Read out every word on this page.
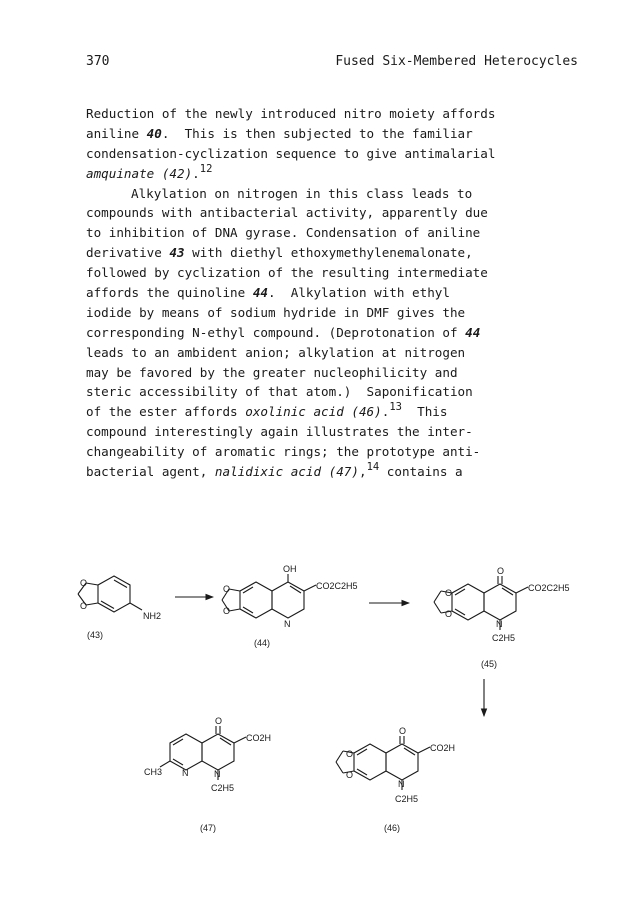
370	Fused Six-Membered Heterocycles
Reduction of the newly introduced nitro moiety affords
aniline 40.  This is then subjected to the familiar
condensation-cyclization sequence to give antimalarial
amquinate (42).$^{12}$
Alkylation on nitrogen in this class leads to
compounds with antibacterial activity, apparently due
to inhibition of DNA gyrase. Condensation of aniline
derivative 43 with diethyl ethoxymethylenemalonate,
followed by cyclization of the resulting intermediate
affords the quinoline 44.  Alkylation with ethyl
iodide by means of sodium hydride in DMF gives the
corresponding N-ethyl compound. (Deprotonation of 44
leads to an ambident anion; alkylation at nitrogen
may be favored by the greater nucleophilicity and
steric accessibility of that atom.)  Saponification
of the ester affords oxolinic acid (46).$^{13}$  This
compound interestingly again illustrates the inter-
changeability of aromatic rings; the prototype anti-
bacterial agent, nalidixic acid (47),$^{14}$ contains a
O
O
NH2
(43)
OH
CO2C2H5
O
O
N
(44)
O
CO2C2H5
O
O
N
C2H5
(45)
O
CO2H
CH3 N	N
C2H5
(47)
O
CO2H
O
O
N
C2H5
(46)
